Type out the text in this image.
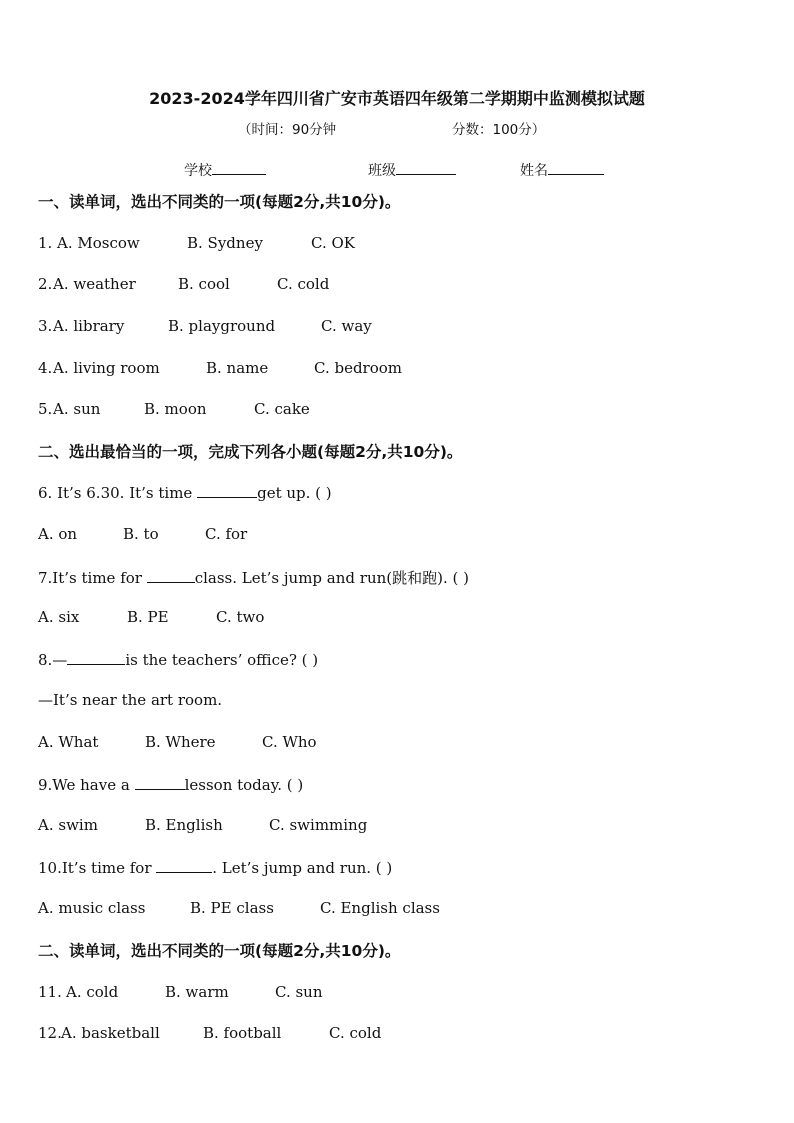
2023-2024学年四川省广安市英语四年级第二学期期中监测模拟试题
（时间：90分钟	分数：100分）
学校	班级	姓名
一、读单词，选出不同类的一项(每题2分,共10分)。
1. A. Moscow	B. Sydney	C. OK
2. A. weather	B. cool	C. cold
3. A. library	B. playground	C. way
4. A. living room	B. name	C. bedroom
5. A. sun	B. moon	C. cake
二、选出最恰当的一项，完成下列各小题(每题2分,共10分)。
6. It’s 6.30. It’s time	get up. ( )
A. on	B. to	C. for
7.It’s time for	class. Let’s jump and run(跳和跑). ( )
A. six	B. PE	C. two
8.—	is the teachers’ office? ( )
—It’s near the art room.
A. What	B. Where	C. Who
9.We have a	lesson today. ( )
A. swim	B. English	C. swimming
10.It’s time for	. Let’s jump and run. ( )
A. music class	B. PE class	C. English class
二、读单词，选出不同类的一项(每题2分,共10分)。
11. A. cold	B. warm	C. sun
12. A. basketball	B. football	C. cold
